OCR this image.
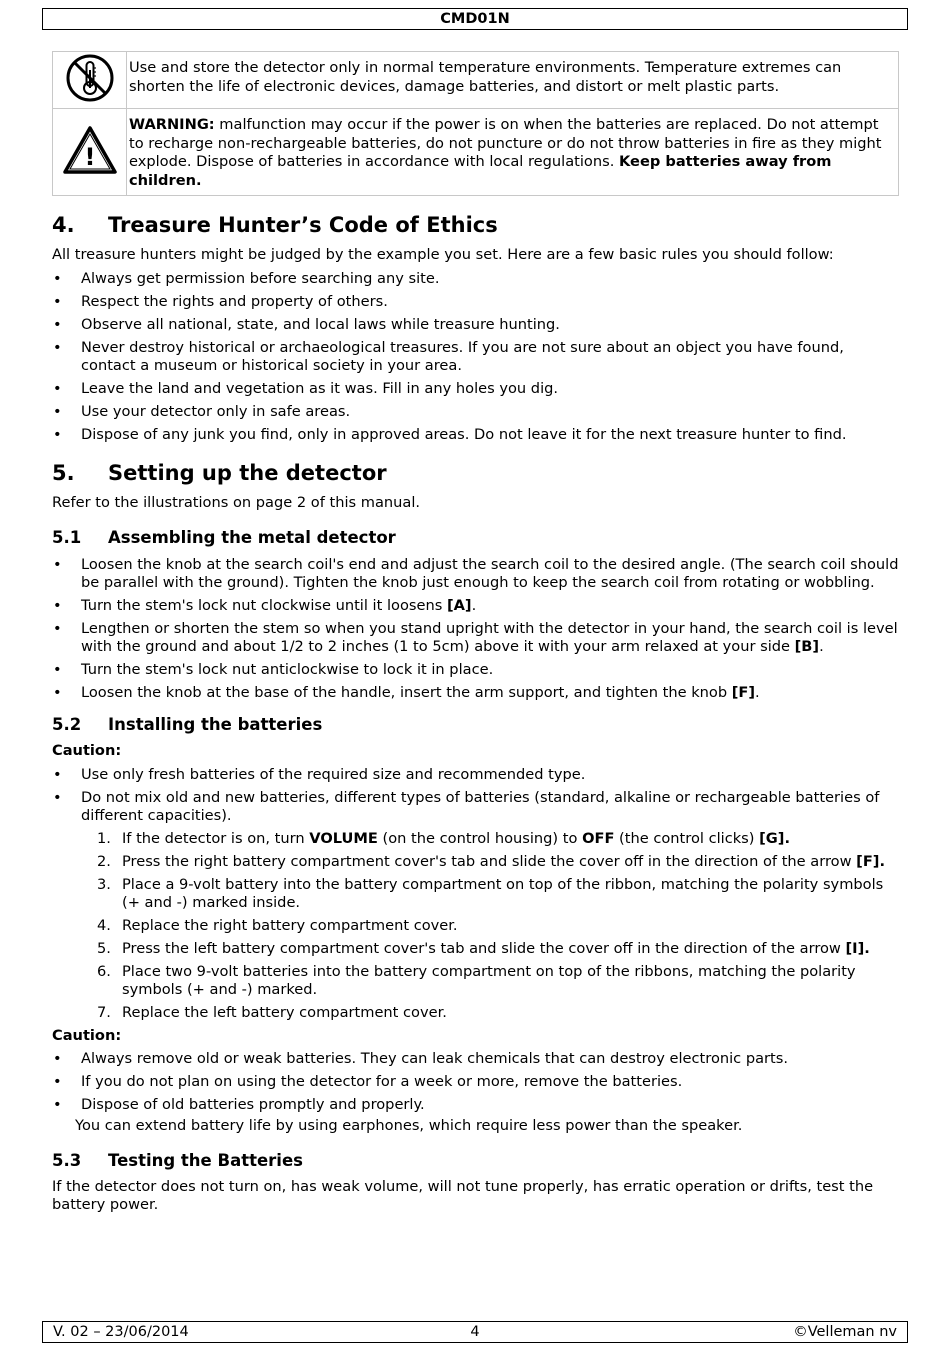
CMD01N
	Use and store the detector only in normal temperature environments. Temperature extremes can shorten the life of electronic devices, damage batteries, and distort or melt plastic parts.

!	WARNING: malfunction may occur if the power is on when the batteries are replaced. Do not attempt to recharge non-rechargeable batteries, do not puncture or do not throw batteries in fire as they might explode. Dispose of batteries in accordance with local regulations. Keep batteries away from children.
4. Treasure Hunter’s Code of Ethics

All treasure hunters might be judged by the example you set. Here are a few basic rules you should follow:

• Always get permission before searching any site.
• Respect the rights and property of others.
• Observe all national, state, and local laws while treasure hunting.
• Never destroy historical or archaeological treasures. If you are not sure about an object you have found, contact a museum or historical society in your area.
• Leave the land and vegetation as it was. Fill in any holes you dig.
• Use your detector only in safe areas.
• Dispose of any junk you find, only in approved areas. Do not leave it for the next treasure hunter to find.
5. Setting up the detector

Refer to the illustrations on page 2 of this manual.

5.1 Assembling the metal detector
• Loosen the knob at the search coil's end and adjust the search coil to the desired angle. (The search coil should be parallel with the ground). Tighten the knob just enough to keep the search coil from rotating or wobbling.
• Turn the stem's lock nut clockwise until it loosens [A].
• Lengthen or shorten the stem so when you stand upright with the detector in your hand, the search coil is level with the ground and about 1/2 to 2 inches (1 to 5cm) above it with your arm relaxed at your side [B].
• Turn the stem's lock nut anticlockwise to lock it in place.
• Loosen the knob at the base of the handle, insert the arm support, and tighten the knob [F].
5.2 Installing the batteries
Caution:
• Use only fresh batteries of the required size and recommended type.
• Do not mix old and new batteries, different types of batteries (standard, alkaline or rechargeable batteries of different capacities).
1. If the detector is on, turn VOLUME (on the control housing) to OFF (the control clicks) [G].
2. Press the right battery compartment cover's tab and slide the cover off in the direction of the arrow [F].
3. Place a 9-volt battery into the battery compartment on top of the ribbon, matching the polarity symbols (+ and -) marked inside.
4. Replace the right battery compartment cover.
5. Press the left battery compartment cover's tab and slide the cover off in the direction of the arrow [I].
6. Place two 9-volt batteries into the battery compartment on top of the ribbons, matching the polarity symbols (+ and -) marked.
7. Replace the left battery compartment cover.
Caution:
• Always remove old or weak batteries. They can leak chemicals that can destroy electronic parts.
• If you do not plan on using the detector for a week or more, remove the batteries.
• Dispose of old batteries promptly and properly.

You can extend battery life by using earphones, which require less power than the speaker.

5.3 Testing the Batteries

If the detector does not turn on, has weak volume, will not tune properly, has erratic operation or drifts, test the battery power.

V. 02 – 23/06/2014	4	©Velleman nv
